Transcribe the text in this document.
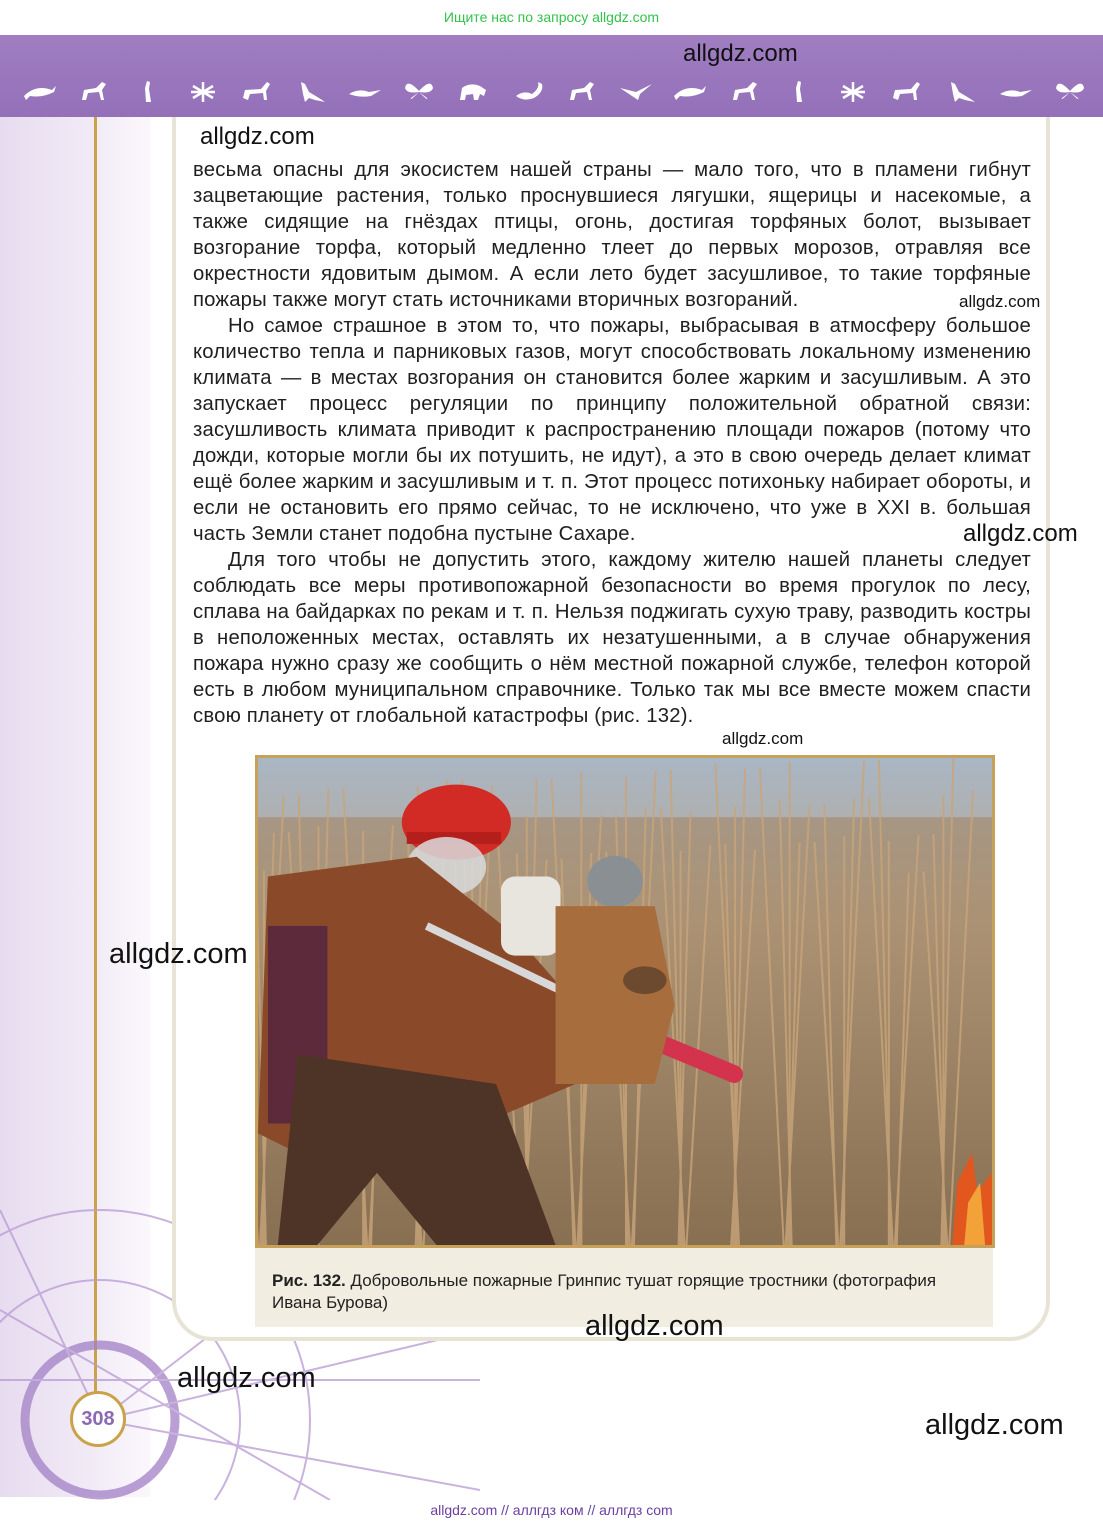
Ищите нас по запросу allgdz.com

весьма опасны для экосистем нашей страны — мало того, что в пламени гибнут зацветающие растения, только проснувшиеся лягушки, ящерицы и насекомые, а также сидящие на гнёздах птицы, огонь, достигая торфяных болот, вызывает возгорание торфа, который медленно тлеет до первых морозов, отравляя все окрестности ядовитым дымом. А если лето будет засушливое, то такие торфяные пожары также могут стать источниками вторичных возгораний.

Но самое страшное в этом то, что пожары, выбрасывая в атмосферу большое количество тепла и парниковых газов, могут способствовать локальному изменению климата — в местах возгорания он становится более жарким и засушливым. А это запускает процесс регуляции по принципу положительной обратной связи: засушливость климата приводит к распространению площади пожаров (потому что дожди, которые могли бы их потушить, не идут), а это в свою очередь делает климат ещё более жарким и засушливым и т. п. Этот процесс потихоньку набирает обороты, и если не остановить его прямо сейчас, то не исключено, что уже в XXI в. большая часть Земли станет подобна пустыне Сахаре.

Для того чтобы не допустить этого, каждому жителю нашей планеты следует соблюдать все меры противопожарной безопасности во время прогулок по лесу, сплава на байдарках по рекам и т. п. Нельзя поджигать сухую траву, разводить костры в неположенных местах, оставлять их незатушенными, а в случае обнаружения пожара нужно сразу же сообщить о нём местной пожарной службе, телефон которой есть в любом муниципальном справочнике. Только так мы все вместе можем спасти свою планету от глобальной катастрофы (рис. 132).

Рис. 132. Добровольные пожарные Гринпис тушат горящие тростники (фотография Ивана Бурова)
308
allgdz.com
allgdz.com
allgdz.com
allgdz.com
allgdz.com
allgdz.com
allgdz.com
allgdz.com
allgdz.com
allgdz.com // аллгдз ком // аллгдз com
